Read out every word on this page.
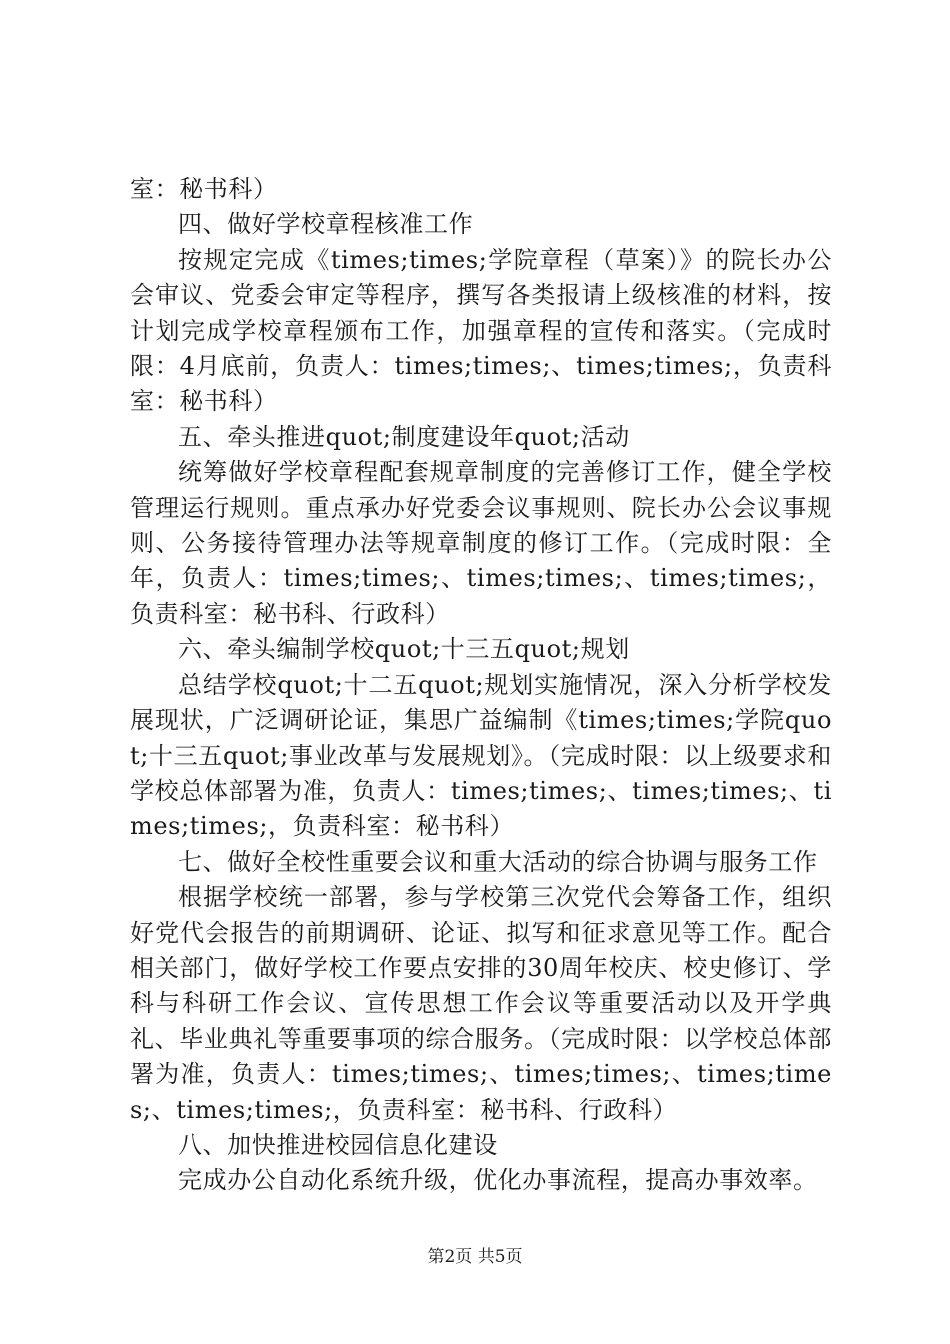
室：秘书科）

四、做好学校章程核准工作

按规定完成《times;times;学院章程（草案）》的院长办公会审议、党委会审定等程序，撰写各类报请上级核准的材料，按计划完成学校章程颁布工作，加强章程的宣传和落实。（完成时限：4月底前，负责人：times;times;、times;times;，负责科室：秘书科）

五、牵头推进quot;制度建设年quot;活动

统筹做好学校章程配套规章制度的完善修订工作，健全学校管理运行规则。重点承办好党委会议事规则、院长办公会议事规则、公务接待管理办法等规章制度的修订工作。（完成时限：全年，负责人：times;times;、times;times;、times;times;，负责科室：秘书科、行政科）

六、牵头编制学校quot;十三五quot;规划

总结学校quot;十二五quot;规划实施情况，深入分析学校发展现状，广泛调研论证，集思广益编制《times;times;学院quot;十三五quot;事业改革与发展规划》。（完成时限：以上级要求和学校总体部署为准，负责人：times;times;、times;times;、times;times;，负责科室：秘书科）

七、做好全校性重要会议和重大活动的综合协调与服务工作

根据学校统一部署，参与学校第三次党代会筹备工作，组织好党代会报告的前期调研、论证、拟写和征求意见等工作。配合相关部门，做好学校工作要点安排的30周年校庆、校史修订、学科与科研工作会议、宣传思想工作会议等重要活动以及开学典礼、毕业典礼等重要事项的综合服务。（完成时限：以学校总体部署为准，负责人：times;times;、times;times;、times;times;、times;times;，负责科室：秘书科、行政科）

八、加快推进校园信息化建设

完成办公自动化系统升级，优化办事流程，提高办事效率。

第2页 共5页
